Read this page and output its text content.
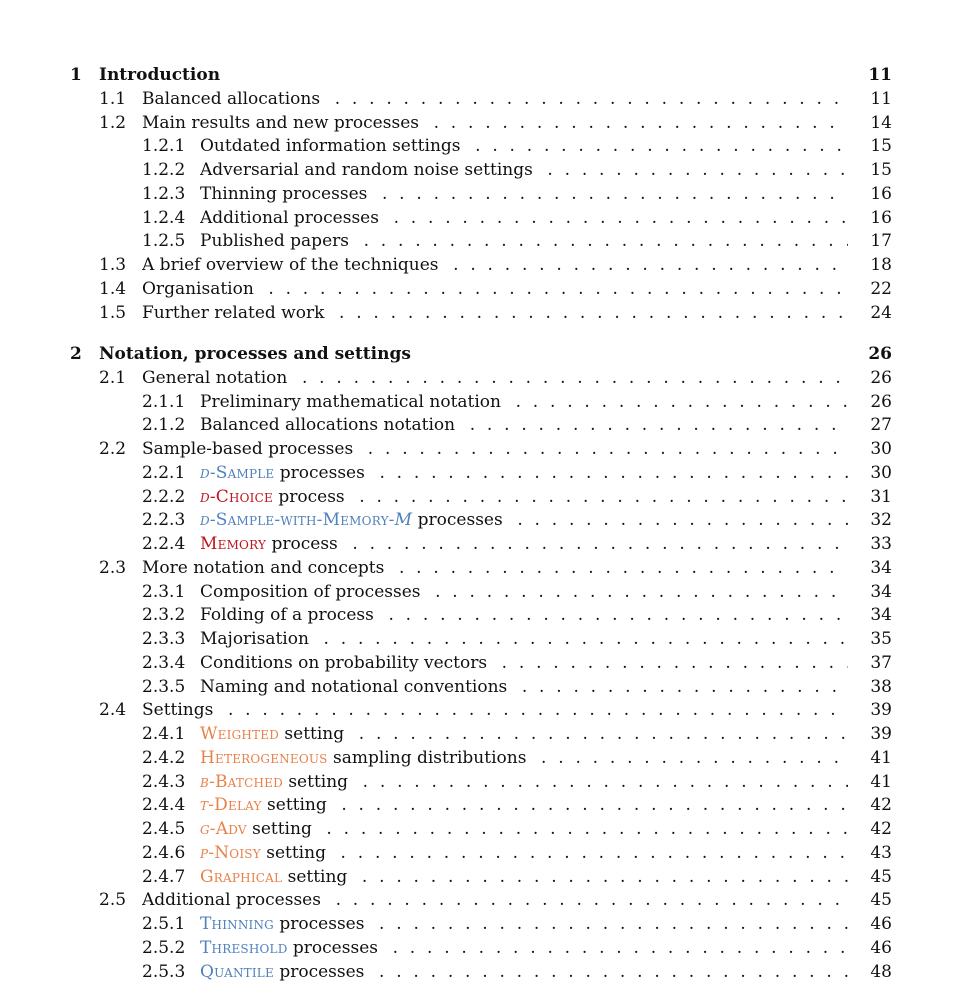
1 Introduction	11
1.1 Balanced allocations . . .	11
1.2 Main results and new processes . . .	14
1.2.1 Outdated information settings . . .	15
1.2.2 Adversarial and random noise settings . . .	15
1.2.3 Thinning processes . . .	16
1.2.4 Additional processes . . .	16
1.2.5 Published papers . . .	17
1.3 A brief overview of the techniques . . .	18
1.4 Organisation . . .	22
1.5 Further related work . . .	24
2 Notation, processes and settings	26
2.1 General notation . . .	26
2.1.1 Preliminary mathematical notation . . .	26
2.1.2 Balanced allocations notation . . .	27
2.2 Sample-based processes . . .	30
2.2.1 d-Sample processes . . .	30
2.2.2 d-Choice process . . .	31
2.2.3 d-Sample-with-Memory-M processes . . .	32
2.2.4 Memory process . . .	33
2.3 More notation and concepts . . .	34
2.3.1 Composition of processes . . .	34
2.3.2 Folding of a process . . .	34
2.3.3 Majorisation . . .	35
2.3.4 Conditions on probability vectors . . .	37
2.3.5 Naming and notational conventions . . .	38
2.4 Settings . . .	39
2.4.1 Weighted setting . . .	39
2.4.2 Heterogeneous sampling distributions . . .	41
2.4.3 b-Batched setting . . .	41
2.4.4 τ-Delay setting . . .	42
2.4.5 g-Adv setting . . .	42
2.4.6 ρ-Noisy setting . . .	43
2.4.7 Graphical setting . . .	45
2.5 Additional processes . . .	45
2.5.1 Thinning processes . . .	46
2.5.2 Threshold processes . . .	46
2.5.3 Quantile processes . . .	48
